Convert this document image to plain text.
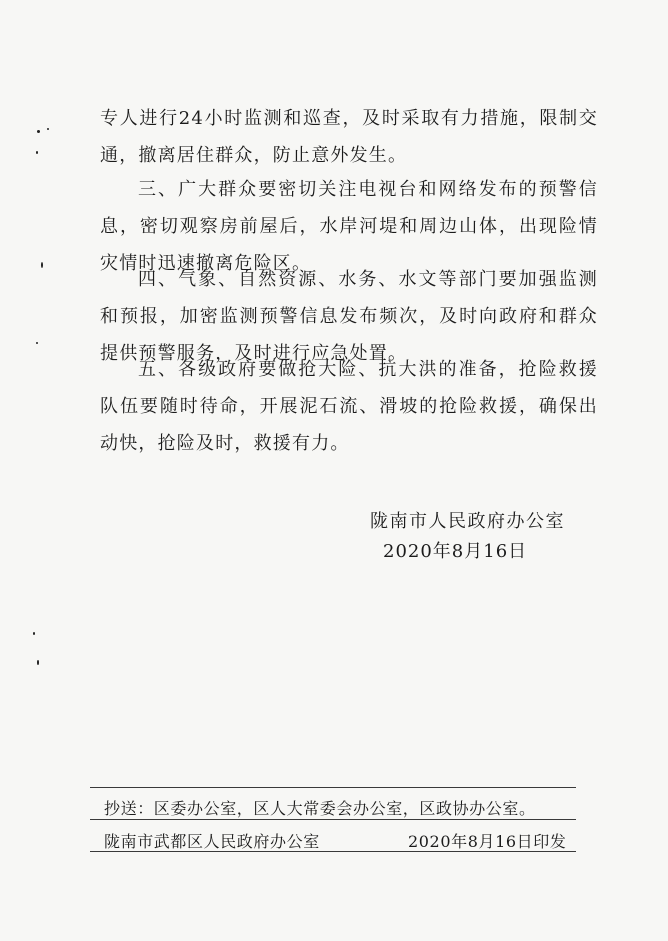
专人进行24小时监测和巡查，及时采取有力措施，限制交通，撤离居住群众，防止意外发生。

三、广大群众要密切关注电视台和网络发布的预警信息，密切观察房前屋后，水岸河堤和周边山体，出现险情灾情时迅速撤离危险区。

四、气象、自然资源、水务、水文等部门要加强监测和预报，加密监测预警信息发布频次，及时向政府和群众提供预警服务，及时进行应急处置。

五、各级政府要做抢大险、抗大洪的准备，抢险救援队伍要随时待命，开展泥石流、滑坡的抢险救援，确保出动快，抢险及时，救援有力。

陇南市人民政府办公室
2020年8月16日
抄送：区委办公室，区人大常委会办公室，区政协办公室。
陇南市武都区人民政府办公室	2020年8月16日印发
